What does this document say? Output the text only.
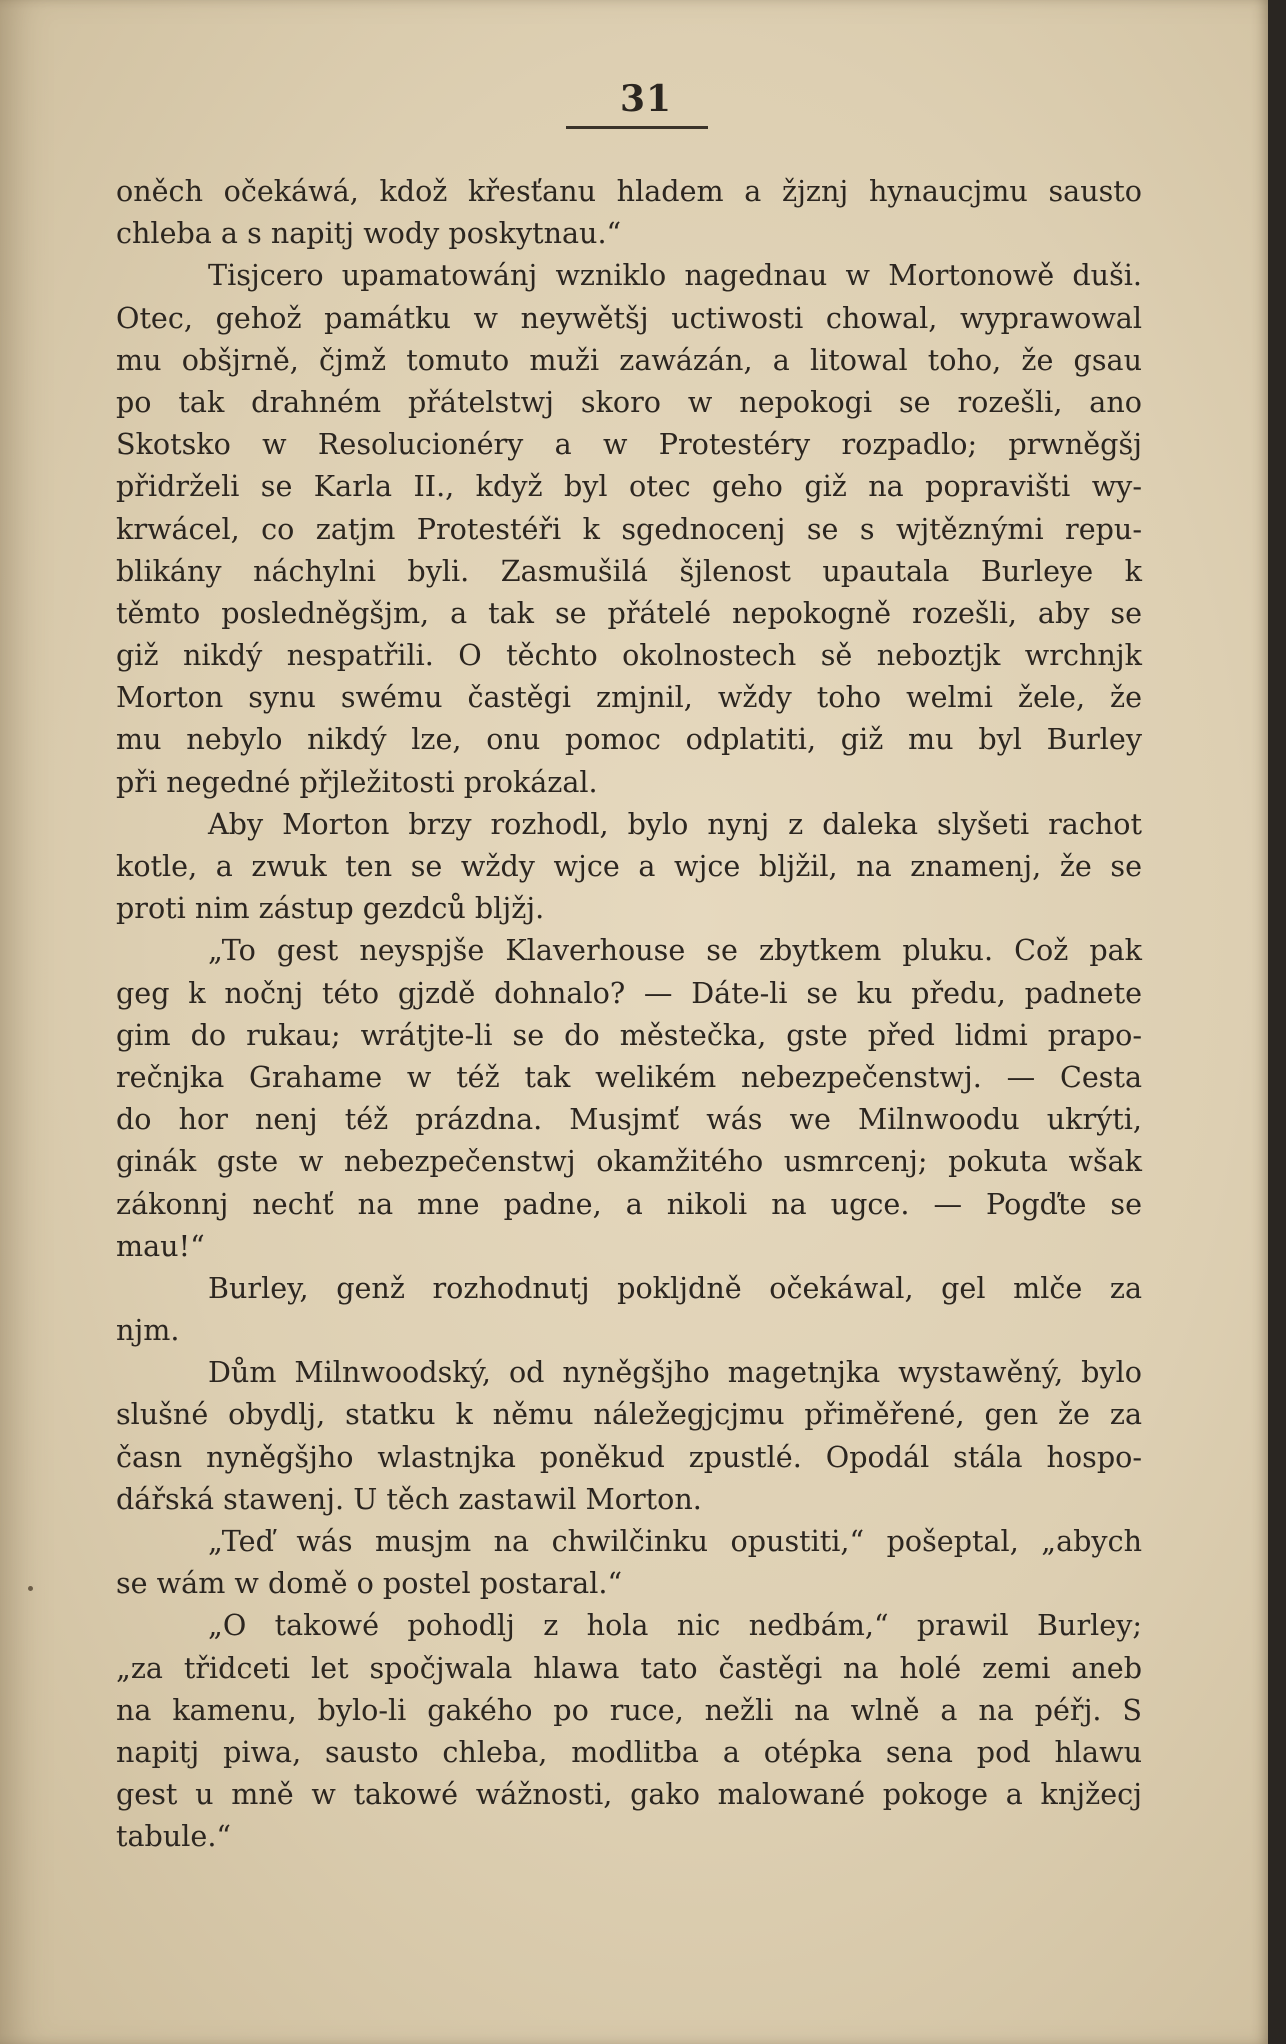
31
oněch očekáwá, kdož křesťanu hladem a žjznj hynaucjmu sausto
chleba a s napitj wody poskytnau.“
Tisjcero upamatowánj wzniklo nagednau w Mortonowě duši.
Otec, gehož památku w neywětšj uctiwosti chowal, wyprawowal
mu obšjrně, čjmž tomuto muži zawázán, a litowal toho, že gsau
po tak drahném přátelstwj skoro w nepokogi se rozešli, ano
Skotsko w Resolucionéry a w Protestéry rozpadlo; prwněgšj
přidrželi se Karla II., když byl otec geho giž na popravišti wy-
krwácel, co zatjm Protestéři k sgednocenj se s wjtěznými repu-
blikány náchylni byli. Zasmušilá šjlenost upautala Burleye k
těmto posledněgšjm, a tak se přátelé nepokogně rozešli, aby se
giž nikdý nespatřili. O těchto okolnostech sě neboztjk wrchnjk
Morton synu swému častěgi zmjnil, wždy toho welmi žele, že
mu nebylo nikdý lze, onu pomoc odplatiti, giž mu byl Burley
při negedné přjležitosti prokázal.
Aby Morton brzy rozhodl, bylo nynj z daleka slyšeti rachot
kotle, a zwuk ten se wždy wjce a wjce bljžil, na znamenj, že se
proti nim zástup gezdců bljžj.
„To gest neyspjše Klaverhouse se zbytkem pluku. Což pak
geg k nočnj této gjzdě dohnalo? — Dáte-li se ku předu, padnete
gim do rukau; wrátjte-li se do městečka, gste před lidmi prapo-
rečnjka Grahame w též tak welikém nebezpečenstwj. — Cesta
do hor nenj též prázdna. Musjmť wás we Milnwoodu ukrýti,
ginák gste w nebezpečenstwj okamžitého usmrcenj; pokuta wšak
zákonnj nechť na mne padne, a nikoli na ugce. — Pogďte se
mau!“
Burley, genž rozhodnutj pokljdně očekáwal, gel mlče za
njm.
Dům Milnwoodský, od nyněgšjho magetnjka wystawěný, bylo
slušné obydlj, statku k němu náležegjcjmu přiměřené, gen že za
časn nyněgšjho wlastnjka poněkud zpustlé. Opodál stála hospo-
dářská stawenj. U těch zastawil Morton.
„Teď wás musjm na chwilčinku opustiti,“ pošeptal, „abych
se wám w domě o postel postaral.“
„O takowé pohodlj z hola nic nedbám,“ prawil Burley;
„za třidceti let spočjwala hlawa tato častěgi na holé zemi aneb
na kamenu, bylo-li gakého po ruce, nežli na wlně a na péřj. S
napitj piwa, sausto chleba, modlitba a otépka sena pod hlawu
gest u mně w takowé wážnosti, gako malowané pokoge a knjžecj
tabule.“
